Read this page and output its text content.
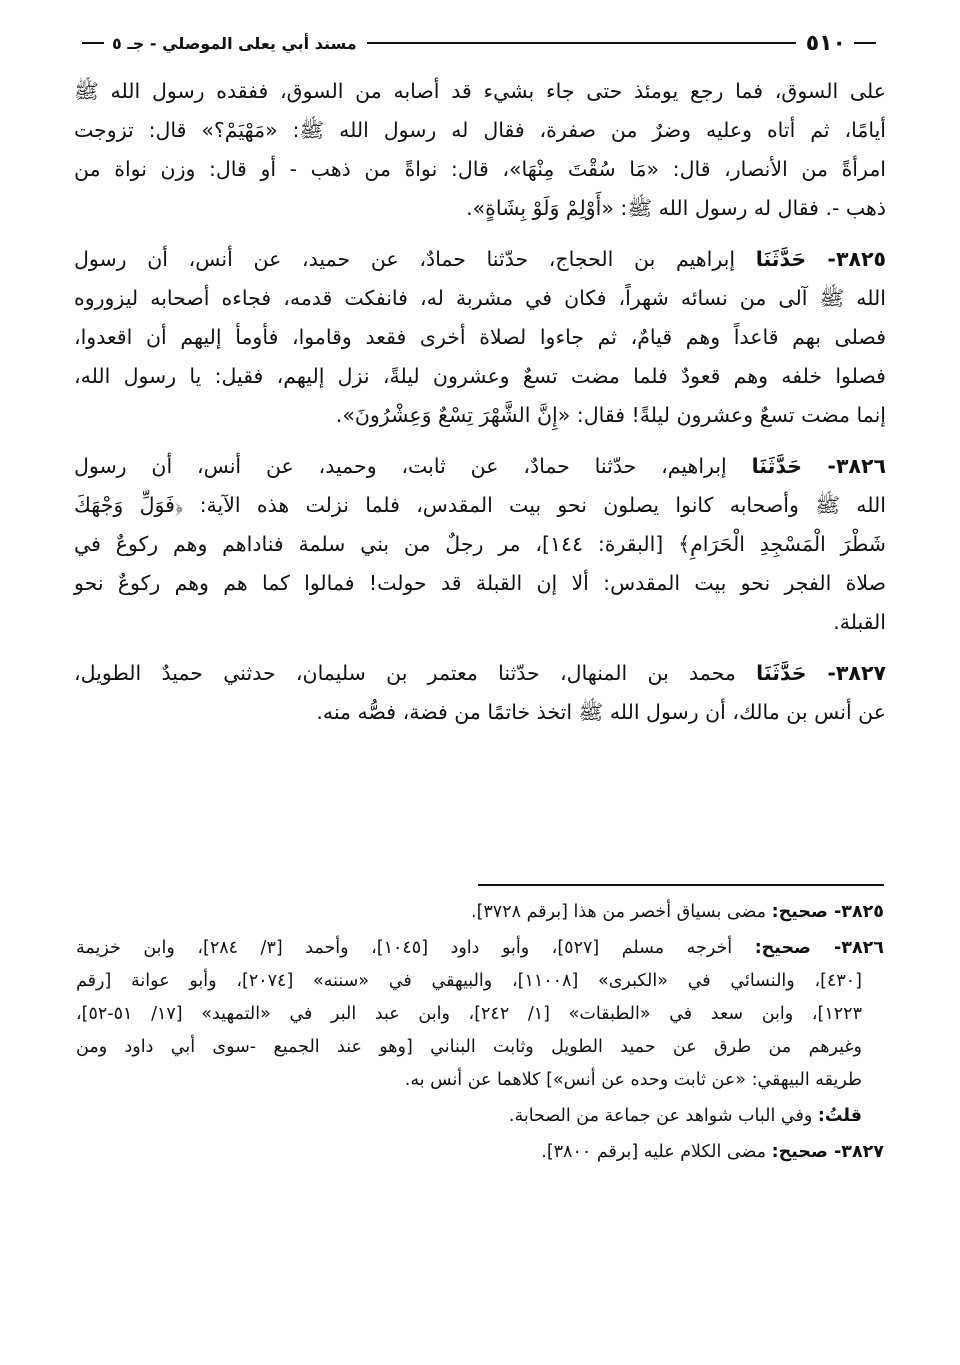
٥١٠
مسند أبي يعلى الموصلي - جـ ٥

على السوق، فما رجع يومئذ حتى جاء بشيء قد أصابه من السوق، ففقده رسول الله ﷺ
أيامًا، ثم أتاه وعليه وضرٌ من صفرة، فقال له رسول الله ﷺ: «مَهْيَمْ؟» قال: تزوجت
امرأةً من الأنصار، قال: «مَا سُقْتَ مِنْهَا»، قال: نواةً من ذهب - أو قال: وزن نواة من
ذهب -. فقال له رسول الله ﷺ: «أَوْلِمْ وَلَوْ بِشَاةٍ».

٣٨٢٥- حَدَّثَنَا إبراهيم بن الحجاج، حدّثنا حمادٌ، عن حميد، عن أنس، أن رسول
الله ﷺ آلى من نسائه شهراً، فكان في مشربة له، فانفكت قدمه، فجاءه أصحابه ليزوروه
فصلى بهم قاعداً وهم قيامٌ، ثم جاءوا لصلاة أخرى فقعد وقاموا، فأومأ إليهم أن اقعدوا،
فصلوا خلفه وهم قعودٌ فلما مضت تسعٌ وعشرون ليلةً، نزل إليهم، فقيل: يا رسول الله،
إنما مضت تسعٌ وعشرون ليلةً! فقال: «إِنَّ الشَّهْرَ تِسْعٌ وَعِشْرُونَ».

٣٨٢٦- حَدَّثَنَا إبراهيم، حدّثنا حمادٌ، عن ثابت، وحميد، عن أنس، أن رسول
الله ﷺ وأصحابه كانوا يصلون نحو بيت المقدس، فلما نزلت هذه الآية: ﴿فَوَلِّ وَجْهَكَ
شَطْرَ الْمَسْجِدِ الْحَرَامِ﴾ [البقرة: ١٤٤]، مر رجلٌ من بني سلمة فناداهم وهم ركوعٌ في
صلاة الفجر نحو بيت المقدس: ألا إن القبلة قد حولت! فمالوا كما هم وهم ركوعٌ نحو
القبلة.

٣٨٢٧- حَدَّثَنَا محمد بن المنهال، حدّثنا معتمر بن سليمان، حدثني حميدٌ الطويل،
عن أنس بن مالك، أن رسول الله ﷺ اتخذ خاتمًا من فضة، فصُّه منه.

٣٨٢٥- صحيح: مضى بسياق أخصر من هذا [برقم ٣٧٢٨].

٣٨٢٦- صحيح: أخرجه مسلم [٥٢٧]، وأبو داود [١٠٤٥]، وأحمد [٣/ ٢٨٤]، وابن خزيمة
[٤٣٠]، والنسائي في «الكبرى» [١١٠٠٨]، والبيهقي في «سننه» [٢٠٧٤]، وأبو عوانة [رقم
١٢٢٣]، وابن سعد في «الطبقات» [١/ ٢٤٢]، وابن عبد البر في «التمهيد» [١٧/ ٥١-٥٢]،
وغيرهم من طرق عن حميد الطويل وثابت البناني [وهو عند الجميع -سوى أبي داود ومن
طريقه البيهقي: «عن ثابت وحده عن أنس»] كلاهما عن أنس به.

قلتُ: وفي الباب شواهد عن جماعة من الصحابة.

٣٨٢٧- صحيح: مضى الكلام عليه [برقم ٣٨٠٠].
